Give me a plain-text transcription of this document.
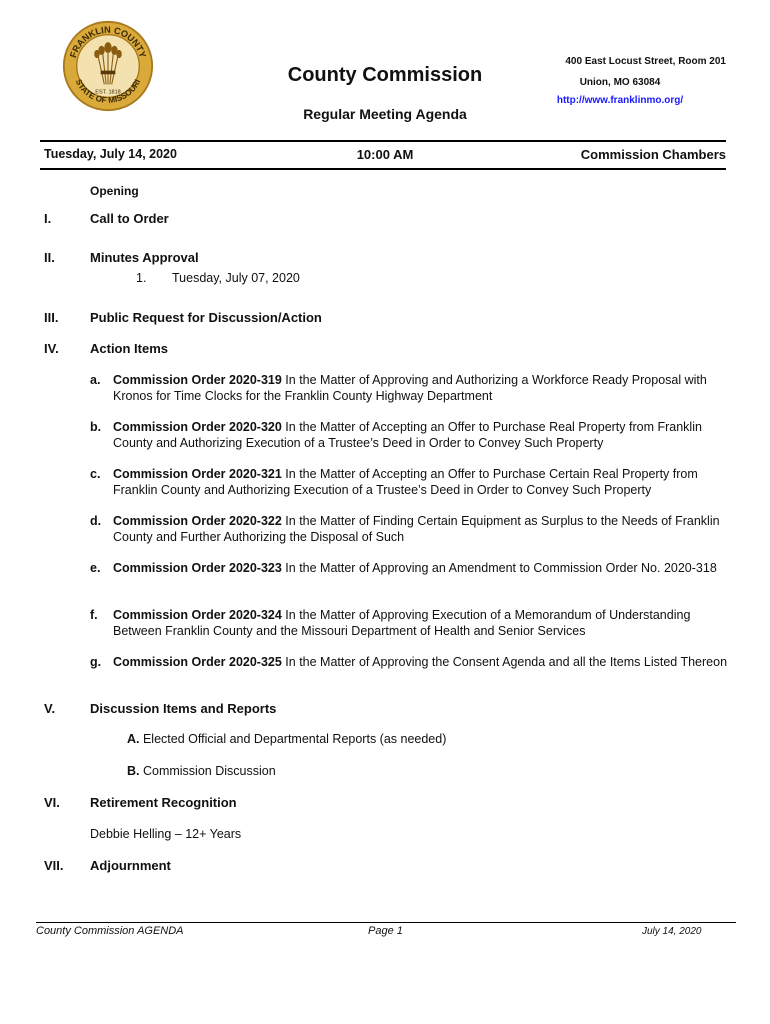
FRANKLIN COUNTY
STATE OF MISSOURI
EST. 1818
County Commission
Regular Meeting Agenda
400 East Locust Street, Room 201
Union, MO 63084
http://www.franklinmo.org/
Tuesday, July 14, 2020	10:00 AM	Commission Chambers
Opening
I.	Call to Order
II.	Minutes Approval
1. Tuesday, July 07, 2020
III. Public Request for Discussion/Action
IV. Action Items
a. Commission Order 2020-319 In the Matter of Approving and Authorizing a Workforce Ready Proposal with Kronos for Time Clocks for the Franklin County Highway Department
b. Commission Order 2020-320 In the Matter of Accepting an Offer to Purchase Real Property from Franklin County and Authorizing Execution of a Trustee’s Deed in Order to Convey Such Property
c. Commission Order 2020-321 In the Matter of Accepting an Offer to Purchase Certain Real Property from Franklin County and Authorizing Execution of a Trustee’s Deed in Order to Convey Such Property
d. Commission Order 2020-322 In the Matter of Finding Certain Equipment as Surplus to the Needs of Franklin County and Further Authorizing the Disposal of Such
e. Commission Order 2020-323 In the Matter of Approving an Amendment to Commission Order No. 2020-318
f. Commission Order 2020-324 In the Matter of Approving Execution of a Memorandum of Understanding Between Franklin County and the Missouri Department of Health and Senior Services
g. Commission Order 2020-325 In the Matter of Approving the Consent Agenda and all the Items Listed Thereon
V.	Discussion Items and Reports
A. Elected Official and Departmental Reports (as needed)
B. Commission Discussion
VI. Retirement Recognition
Debbie Helling – 12+ Years
VII. Adjournment
County Commission AGENDA	Page 1	July 14, 2020
